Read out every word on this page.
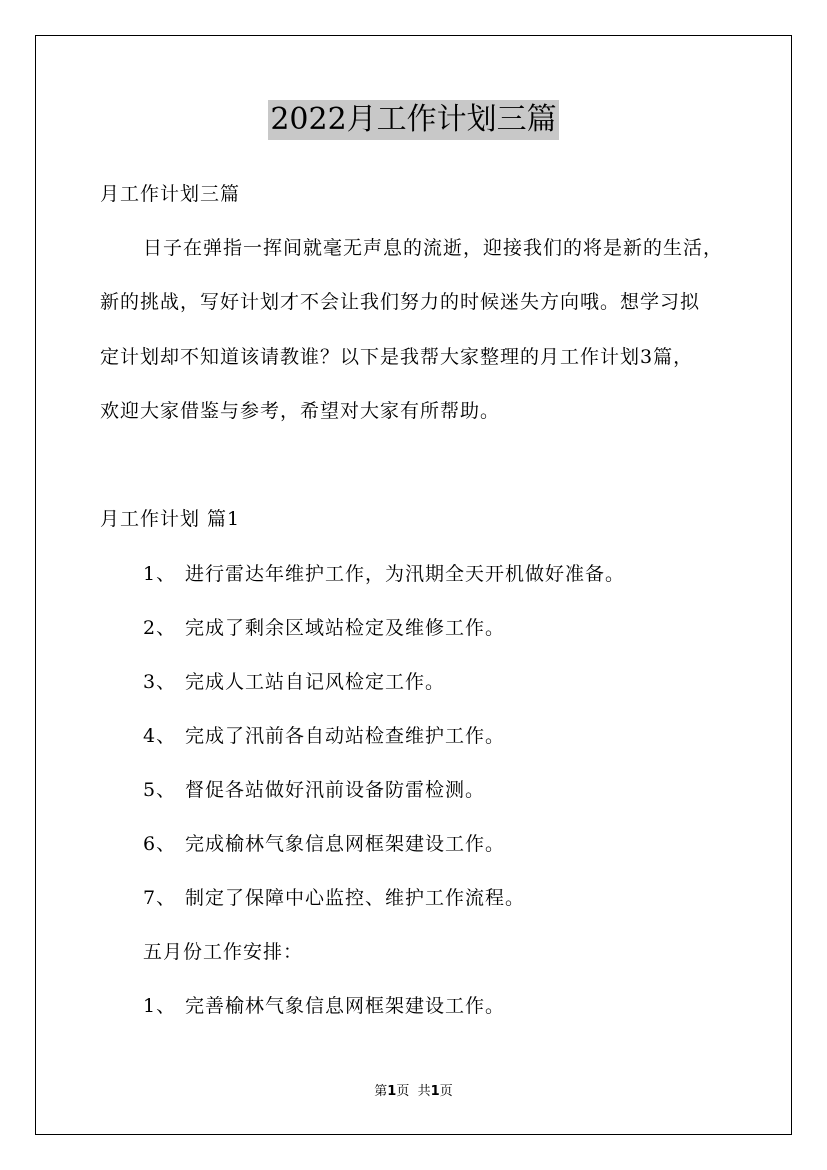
2022月工作计划三篇
月工作计划三篇
日子在弹指一挥间就毫无声息的流逝，迎接我们的将是新的生活，
新的挑战，写好计划才不会让我们努力的时候迷失方向哦。想学习拟
定计划却不知道该请教谁？以下是我帮大家整理的月工作计划3篇，
欢迎大家借鉴与参考，希望对大家有所帮助。
月工作计划 篇1
1、 进行雷达年维护工作，为汛期全天开机做好准备。
2、 完成了剩余区域站检定及维修工作。
3、 完成人工站自记风检定工作。
4、 完成了汛前各自动站检查维护工作。
5、 督促各站做好汛前设备防雷检测。
6、 完成榆林气象信息网框架建设工作。
7、 制定了保障中心监控、维护工作流程。
五月份工作安排：
1、 完善榆林气象信息网框架建设工作。
第1页 共1页
